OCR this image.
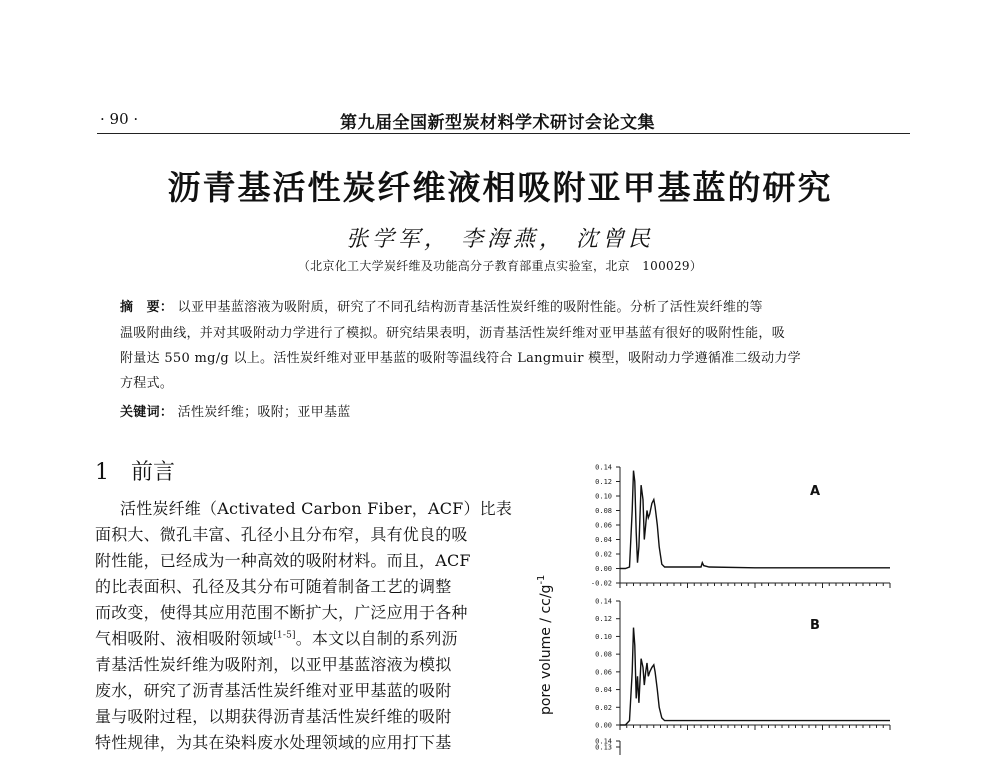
· 90 ·	第九届全国新型炭材料学术研讨会论文集
沥青基活性炭纤维液相吸附亚甲基蓝的研究
张学军， 李海燕， 沈曾民
（北京化工大学炭纤维及功能高分子教育部重点实验室，北京　100029）
摘　要： 以亚甲基蓝溶液为吸附质，研究了不同孔结构沥青基活性炭纤维的吸附性能。分析了活性炭纤维的等
温吸附曲线，并对其吸附动力学进行了模拟。研究结果表明，沥青基活性炭纤维对亚甲基蓝有很好的吸附性能，吸
附量达 550 mg/g 以上。活性炭纤维对亚甲基蓝的吸附等温线符合 Langmuir 模型，吸附动力学遵循准二级动力学
方程式。
关键词： 活性炭纤维；吸附；亚甲基蓝
1　前言
活性炭纤维（Activated Carbon Fiber，ACF）比表
面积大、微孔丰富、孔径小且分布窄，具有优良的吸
附性能，已经成为一种高效的吸附材料。而且，ACF
的比表面积、孔径及其分布可随着制备工艺的调整
而改变，使得其应用范围不断扩大，广泛应用于各种
气相吸附、液相吸附领域[1-5]。本文以自制的系列沥
青基活性炭纤维为吸附剂，以亚甲基蓝溶液为模拟
废水，研究了沥青基活性炭纤维对亚甲基蓝的吸附
量与吸附过程，以期获得沥青基活性炭纤维的吸附
特性规律，为其在染料废水处理领域的应用打下基
0.14
0.12
0.10
0.08
0.06
0.04
0.02
0.00
-0.02
A
0.14
0.12
0.10
0.08
0.06
0.04
0.02
0.00
B
0.14
0.13
pore volume / $cc/g^{-1}$
